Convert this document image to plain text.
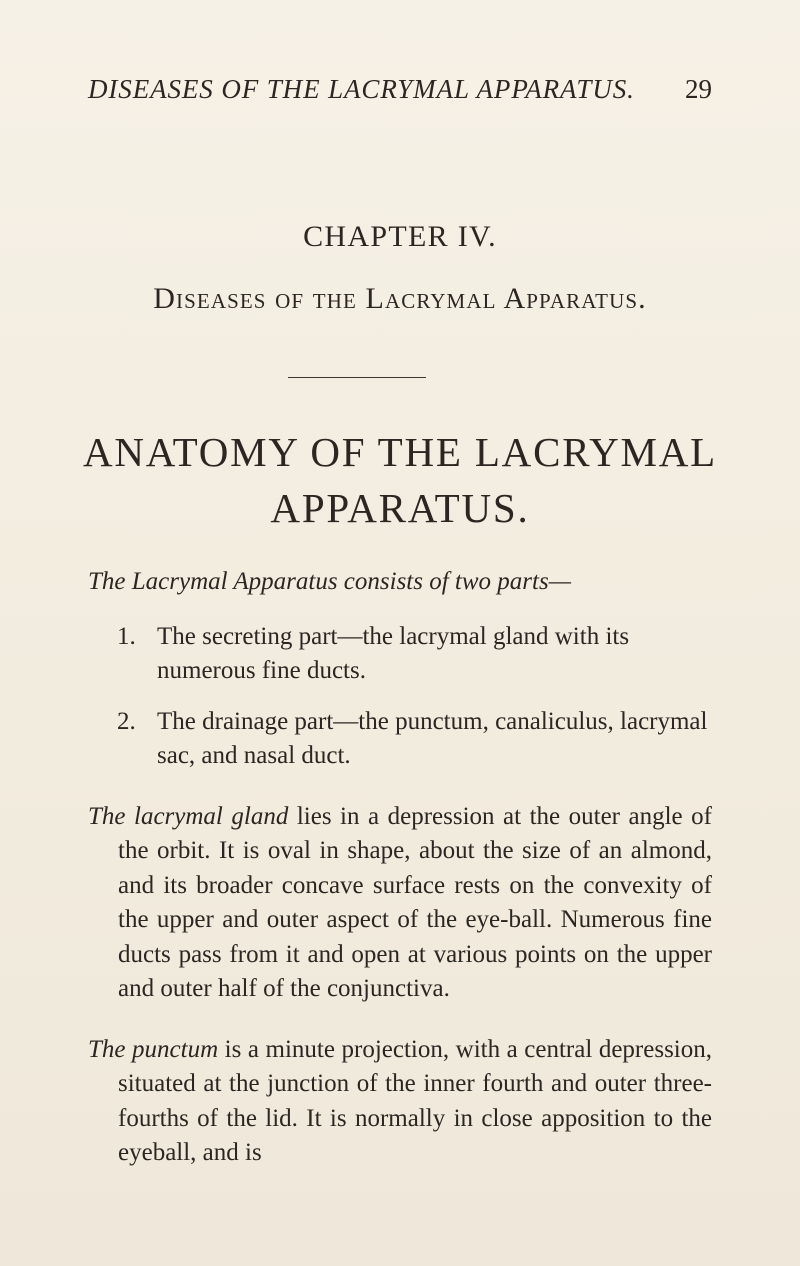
DISEASES OF THE LACRYMAL APPARATUS. 29
CHAPTER IV.
Diseases of the Lacrymal Apparatus.
ANATOMY OF THE LACRYMAL
APPARATUS.

The Lacrymal Apparatus consists of two parts—

1. The secreting part—the lacrymal gland with its numerous fine ducts.
2. The drainage part—the punctum, canaliculus, lacrymal sac, and nasal duct.

The lacrymal gland lies in a depression at the outer angle of the orbit. It is oval in shape, about the size of an almond, and its broader concave surface rests on the convexity of the upper and outer aspect of the eye-ball. Numerous fine ducts pass from it and open at various points on the upper and outer half of the conjunctiva.

The punctum is a minute projection, with a central depression, situated at the junction of the inner fourth and outer three-fourths of the lid. It is normally in close apposition to the eyeball, and is
